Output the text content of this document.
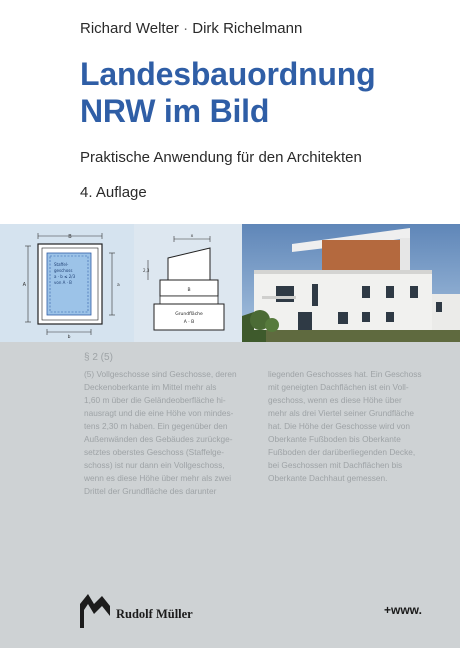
Richard Welter · Dirk Richelmann
Landesbauordnung
NRW im Bild
Praktische Anwendung für den Architekten
4. Auflage
B
A
Staffel-
geschoss
a · b ≤ 2/3
von A · B
b
a
x
2,3
B
Grundfläche
A · B
§ 2 (5)
(5) Vollgeschosse sind Geschosse, deren
Deckenoberkante im Mittel mehr als
1,60 m über die Geländeoberfläche hi-
nausragt und die eine Höhe von mindes-
tens 2,30 m haben. Ein gegenüber den
Außenwänden des Gebäudes zurückge-
setztes oberstes Geschoss (Staffelge-
schoss) ist nur dann ein Vollgeschoss,
wenn es diese Höhe über mehr als zwei
Drittel der Grundfläche des darunter
liegenden Geschosses hat. Ein Geschoss
mit geneigten Dachflächen ist ein Voll-
geschoss, wenn es diese Höhe über
mehr als drei Viertel seiner Grundfläche
hat. Die Höhe der Geschosse wird von
Oberkante Fußboden bis Oberkante
Fußboden der darüberliegenden Decke,
bei Geschossen mit Dachflächen bis
Oberkante Dachhaut gemessen.
Rudolf Müller	+www.
